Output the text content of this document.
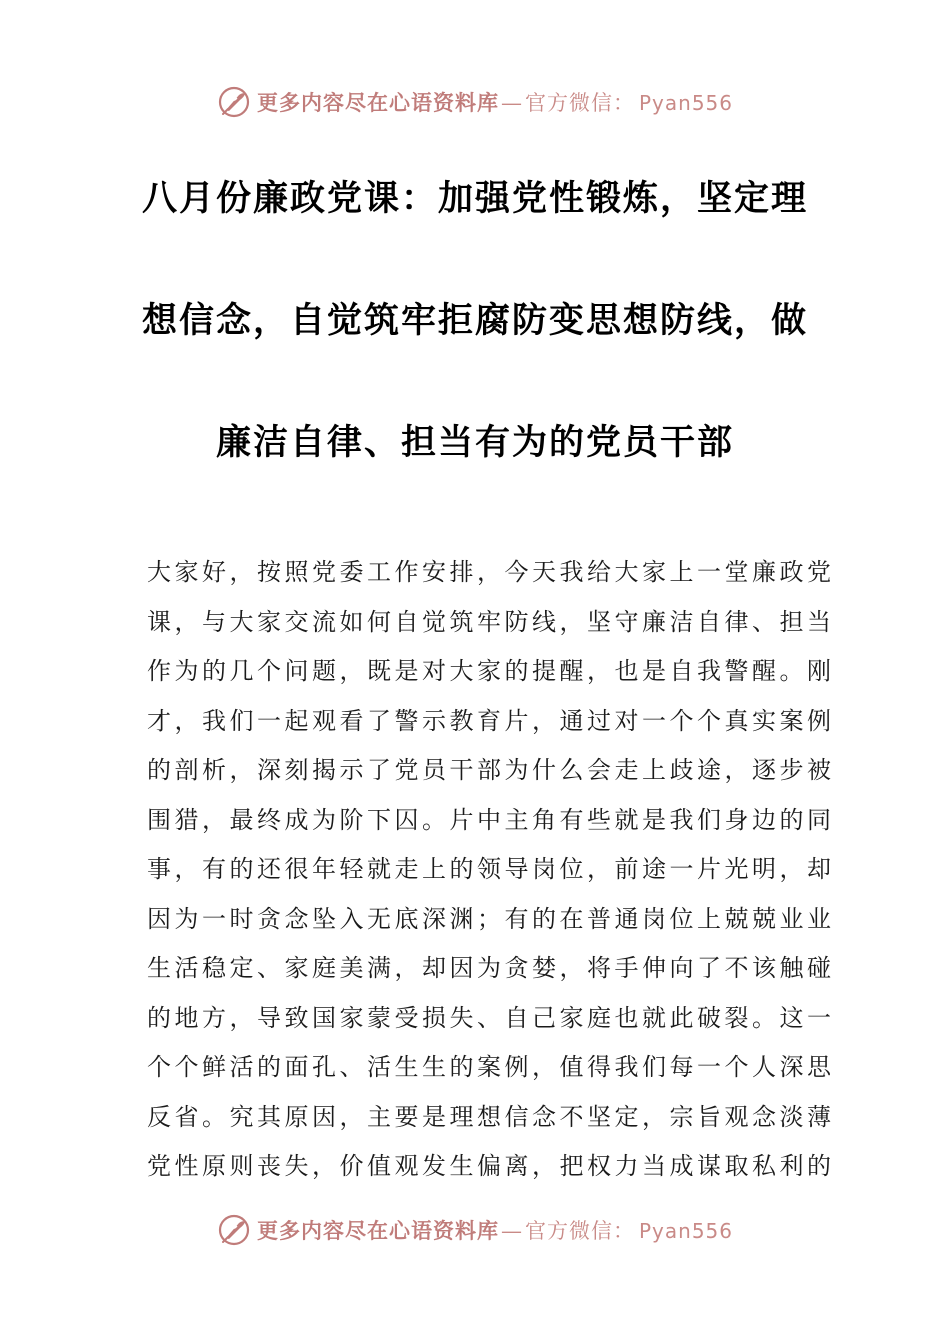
更多内容尽在心语资料库—官方微信： Pyan556
八月份廉政党课：加强党性锻炼，坚定理
想信念，自觉筑牢拒腐防变思想防线，做
廉洁自律、担当有为的党员干部
大家好，按照党委工作安排，今天我给大家上一堂廉政党
课，与大家交流如何自觉筑牢防线，坚守廉洁自律、担当
作为的几个问题，既是对大家的提醒，也是自我警醒。刚
才，我们一起观看了警示教育片，通过对一个个真实案例
的剖析，深刻揭示了党员干部为什么会走上歧途，逐步被
围猎，最终成为阶下囚。片中主角有些就是我们身边的同
事，有的还很年轻就走上的领导岗位，前途一片光明，却
因为一时贪念坠入无底深渊；有的在普通岗位上兢兢业业
生活稳定、家庭美满，却因为贪婪，将手伸向了不该触碰
的地方，导致国家蒙受损失、自己家庭也就此破裂。这一
个个鲜活的面孔、活生生的案例，值得我们每一个人深思
反省。究其原因，主要是理想信念不坚定，宗旨观念淡薄
党性原则丧失，价值观发生偏离，把权力当成谋取私利的
更多内容尽在心语资料库—官方微信： Pyan556
